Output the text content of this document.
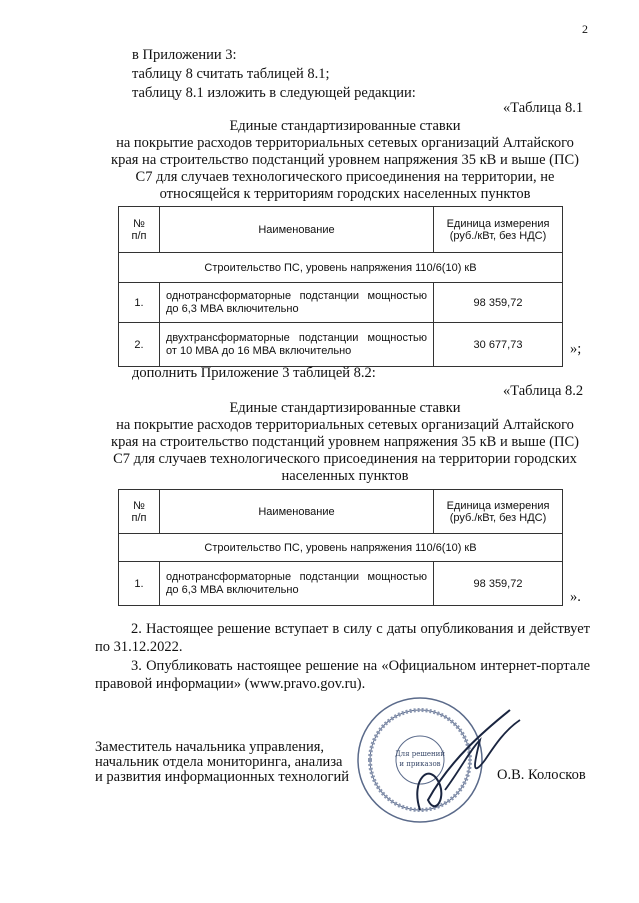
2
в Приложении 3:
таблицу 8 считать таблицей 8.1;
таблицу 8.1 изложить в следующей редакции:
«Таблица 8.1
Единые стандартизированные ставки
на покрытие расходов территориальных сетевых организаций Алтайского
края на строительство подстанций уровнем напряжения 35 кВ и выше (ПС)
С7 для случаев технологического присоединения на территории, не
относящейся к территориям городских населенных пунктов
№
п/п	Наименование	Единица измерения
(руб./кВт, без НДС)
Строительство ПС, уровень напряжения 110/6(10) кВ		
1.	однотрансформаторные подстанции мощностью до 6,3 МВА включительно	98 359,72
2.	двухтрансформаторные подстанции мощностью от 10 МВА до 16 МВА включительно	30 677,73	»;
дополнить Приложение 3 таблицей 8.2:
«Таблица 8.2
Единые стандартизированные ставки
на покрытие расходов территориальных сетевых организаций Алтайского
края на строительство подстанций уровнем напряжения 35 кВ и выше (ПС)
С7 для случаев технологического присоединения на территории городских
населенных пунктов
№
п/п	Наименование	Единица измерения
(руб./кВт, без НДС)
Строительство ПС, уровень напряжения 110/6(10) кВ		
1.	однотрансформаторные подстанции мощностью до 6,3 МВА включительно	98 359,72
».
2. Настоящее решение вступает в силу с даты опубликования и действует по 31.12.2022.
3. Опубликовать настоящее решение на «Официальном интернет-портале правовой информации» (www.pravo.gov.ru).
Заместитель начальника управления,
начальник отдела мониторинга, анализа
и развития информационных технологий
Для решений
и приказов
О.В. Колосков
